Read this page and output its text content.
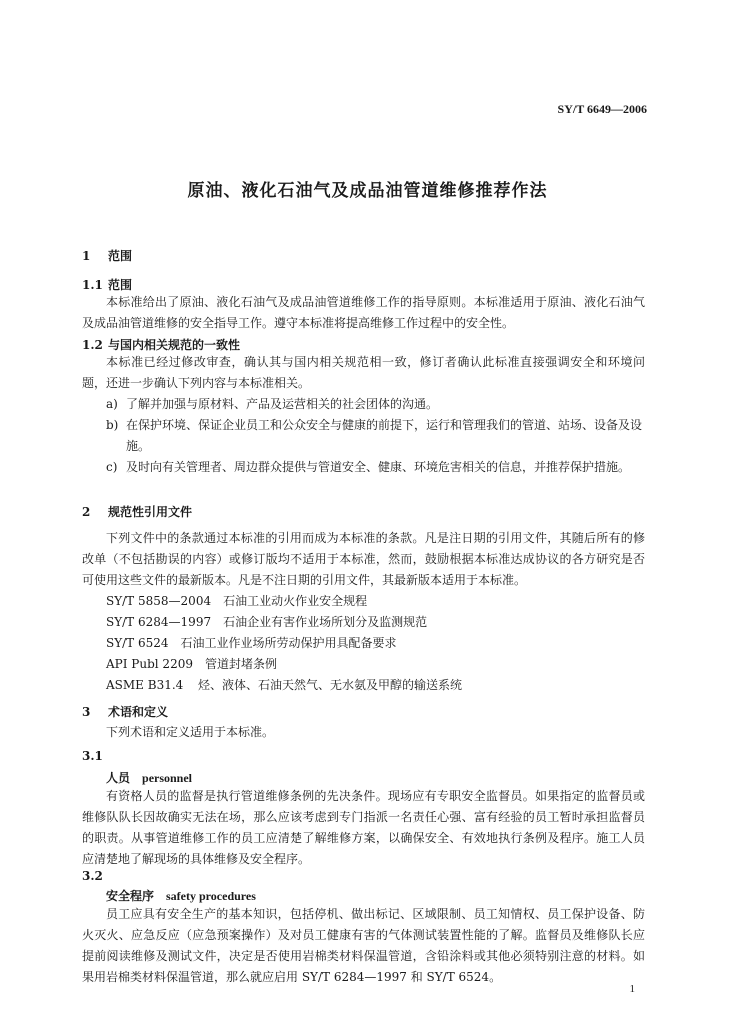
SY/T 6649—2006
原油、液化石油气及成品油管道维修推荐作法
1 范围
1.1 范围
本标准给出了原油、液化石油气及成品油管道维修工作的指导原则。本标准适用于原油、液化石油气及成品油管道维修的安全指导工作。遵守本标准将提高维修工作过程中的安全性。
1.2 与国内相关规范的一致性
本标准已经过修改审查，确认其与国内相关规范相一致，修订者确认此标准直接强调安全和环境问题，还进一步确认下列内容与本标准相关。
a) 了解并加强与原材料、产品及运营相关的社会团体的沟通。
b) 在保护环境、保证企业员工和公众安全与健康的前提下，运行和管理我们的管道、站场、设备及设施。
c) 及时向有关管理者、周边群众提供与管道安全、健康、环境危害相关的信息，并推荐保护措施。
2 规范性引用文件
下列文件中的条款通过本标准的引用而成为本标准的条款。凡是注日期的引用文件，其随后所有的修改单（不包括勘误的内容）或修订版均不适用于本标准，然而，鼓励根据本标准达成协议的各方研究是否可使用这些文件的最新版本。凡是不注日期的引用文件，其最新版本适用于本标准。
SY/T 5858—2004 石油工业动火作业安全规程
SY/T 6284—1997 石油企业有害作业场所划分及监测规范
SY/T 6524 石油工业作业场所劳动保护用具配备要求
API Publ 2209 管道封堵条例
ASME B31.4 烃、液体、石油天然气、无水氨及甲醇的输送系统
3 术语和定义
下列术语和定义适用于本标准。
3.1
人员 personnel
有资格人员的监督是执行管道维修条例的先决条件。现场应有专职安全监督员。如果指定的监督员或维修队队长因故确实无法在场，那么应该考虑到专门指派一名责任心强、富有经验的员工暂时承担监督员的职责。从事管道维修工作的员工应清楚了解维修方案，以确保安全、有效地执行条例及程序。施工人员应清楚地了解现场的具体维修及安全程序。
3.2
安全程序 safety procedures
员工应具有安全生产的基本知识，包括停机、做出标记、区域限制、员工知情权、员工保护设备、防火灭火、应急反应（应急预案操作）及对员工健康有害的气体测试装置性能的了解。监督员及维修队长应提前阅读维修及测试文件，决定是否使用岩棉类材料保温管道，含铅涂料或其他必须特别注意的材料。如果用岩棉类材料保温管道，那么就应启用 SY/T 6284—1997 和 SY/T 6524。
1
